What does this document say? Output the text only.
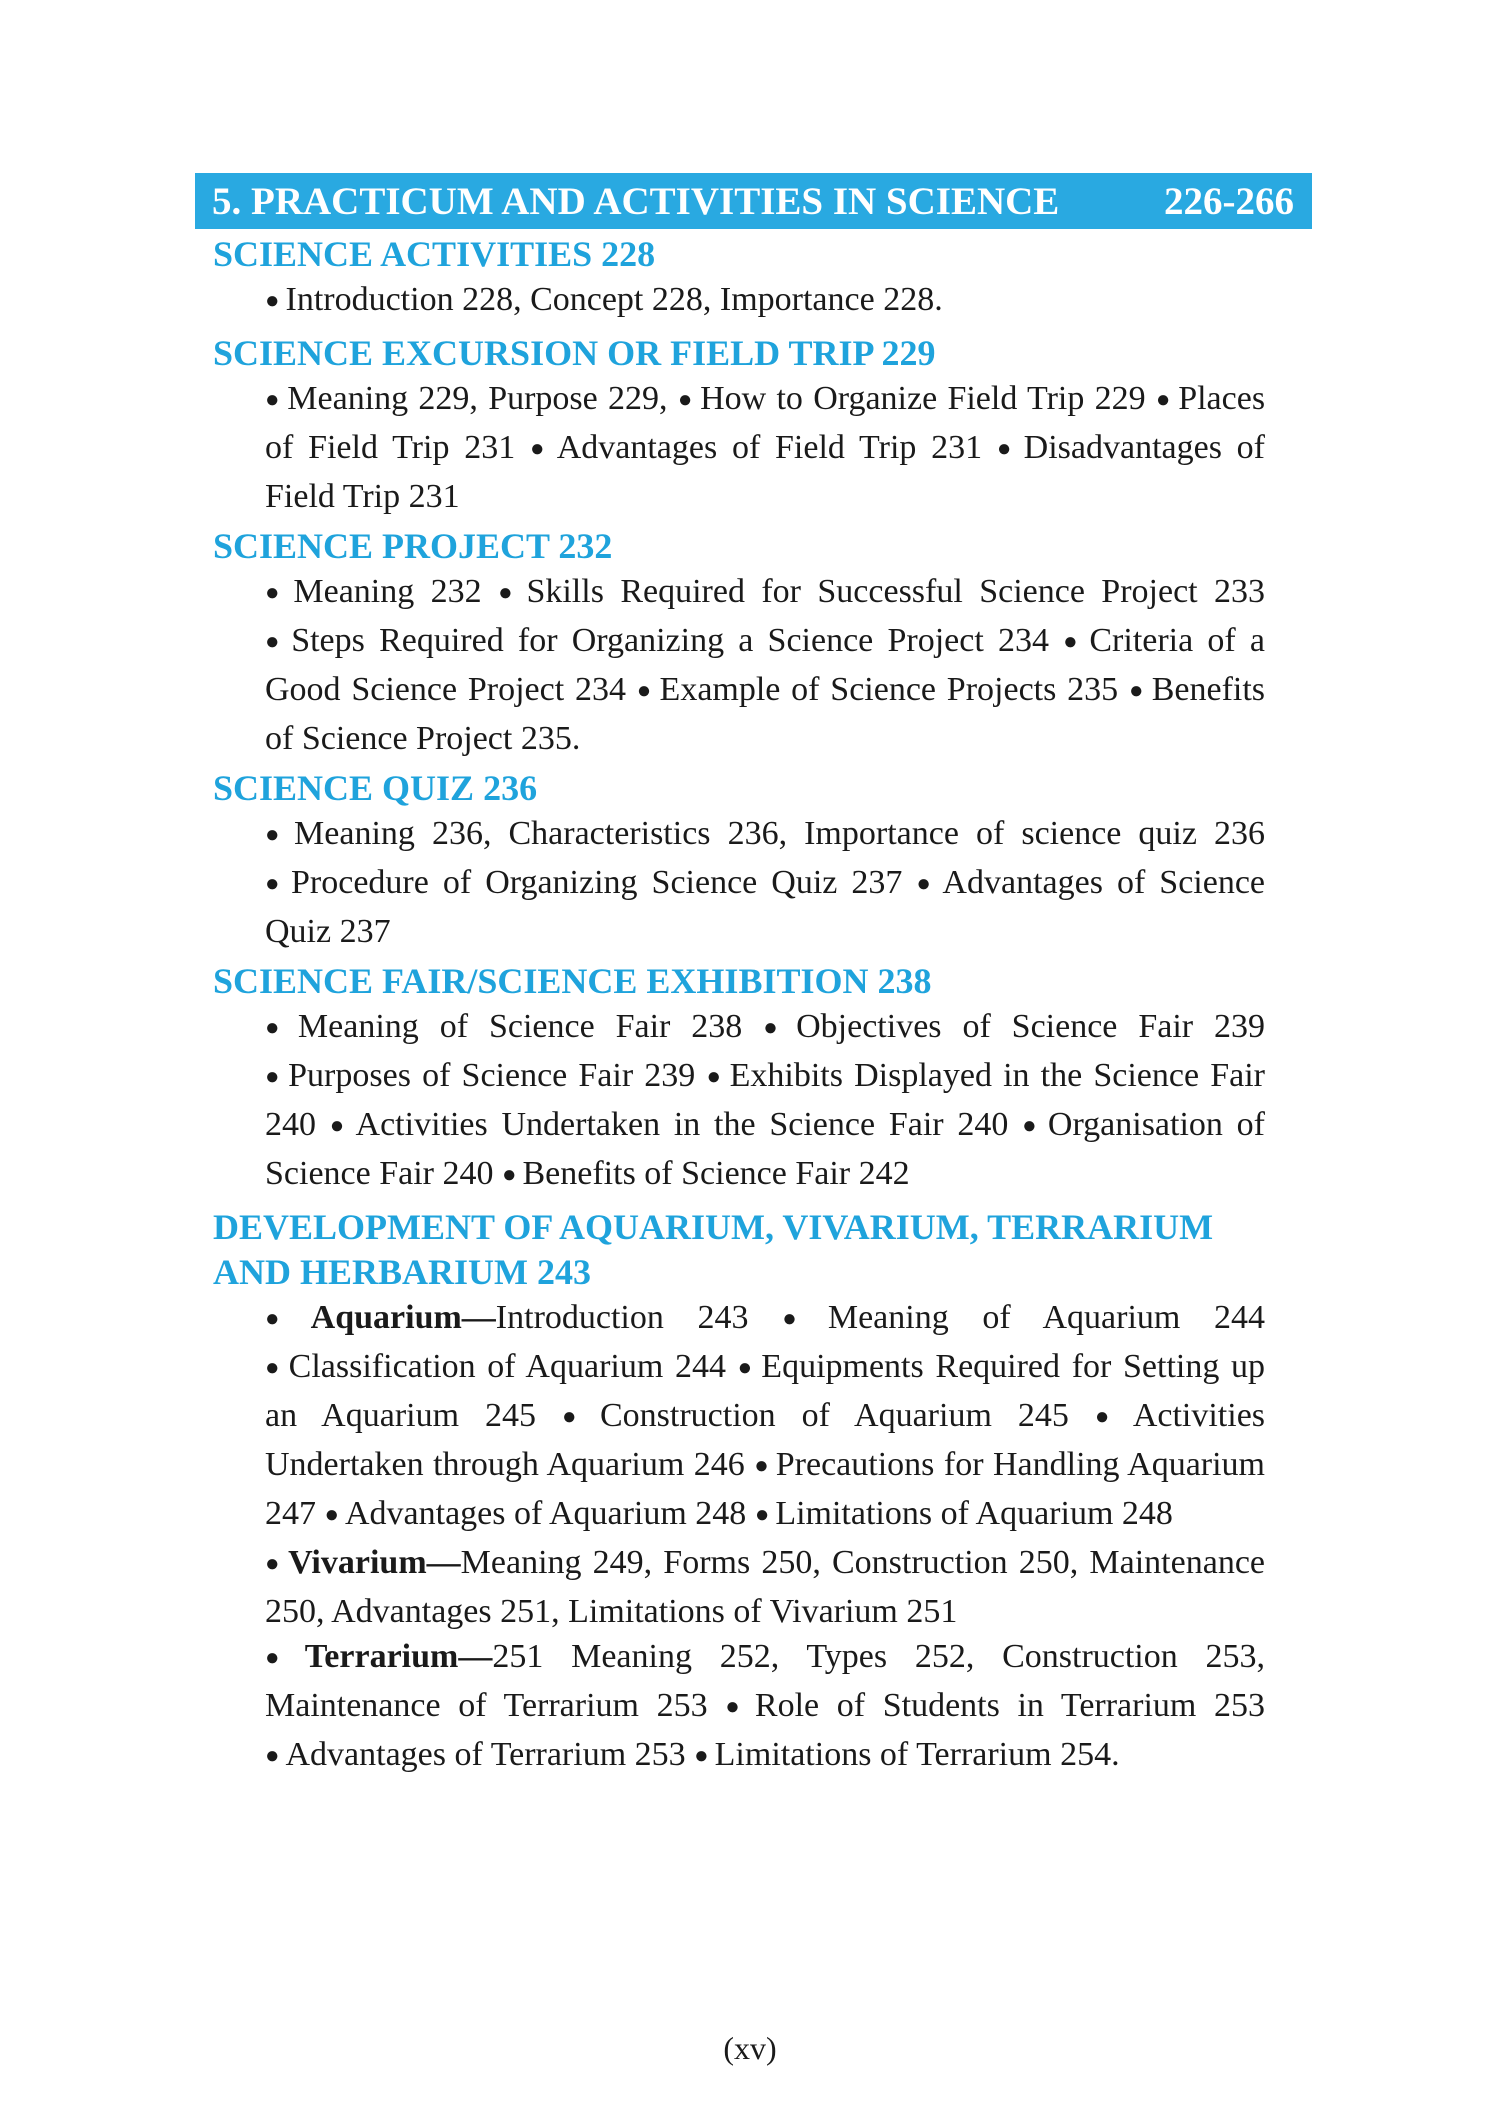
5. PRACTICUM AND ACTIVITIES IN SCIENCE	226-266
SCIENCE ACTIVITIES 228
● Introduction 228, Concept 228, Importance 228.
SCIENCE EXCURSION OR FIELD TRIP 229
● Meaning 229, Purpose 229, ● How to Organize Field Trip 229 ● Places of Field Trip 231 ● Advantages of Field Trip 231 ● Disadvantages of Field Trip 231
SCIENCE PROJECT 232
● Meaning 232 ● Skills Required for Successful Science Project 233 ● Steps Required for Organizing a Science Project 234 ● Criteria of a Good Science Project 234 ● Example of Science Projects 235 ● Benefits of Science Project 235.
SCIENCE QUIZ 236
● Meaning 236, Characteristics 236, Importance of science quiz 236 ● Procedure of Organizing Science Quiz 237 ● Advantages of Science Quiz 237
SCIENCE FAIR/SCIENCE EXHIBITION 238
● Meaning of Science Fair 238 ● Objectives of Science Fair 239 ● Purposes of Science Fair 239 ● Exhibits Displayed in the Science Fair 240 ● Activities Undertaken in the Science Fair 240 ● Organisation of Science Fair 240 ● Benefits of Science Fair 242
DEVELOPMENT OF AQUARIUM, VIVARIUM, TERRARIUM AND HERBARIUM 243
● Aquarium—Introduction 243 ● Meaning of Aquarium 244 ● Classification of Aquarium 244 ● Equipments Required for Setting up an Aquarium 245 ● Construction of Aquarium 245 ● Activities Undertaken through Aquarium 246 ● Precautions for Handling Aquarium 247 ● Advantages of Aquarium 248 ● Limitations of Aquarium 248
● Vivarium—Meaning 249, Forms 250, Construction 250, Maintenance 250, Advantages 251, Limitations of Vivarium 251
● Terrarium—251 Meaning 252, Types 252, Construction 253, Maintenance of Terrarium 253 ● Role of Students in Terrarium 253 ● Advantages of Terrarium 253 ● Limitations of Terrarium 254.
(xv)
